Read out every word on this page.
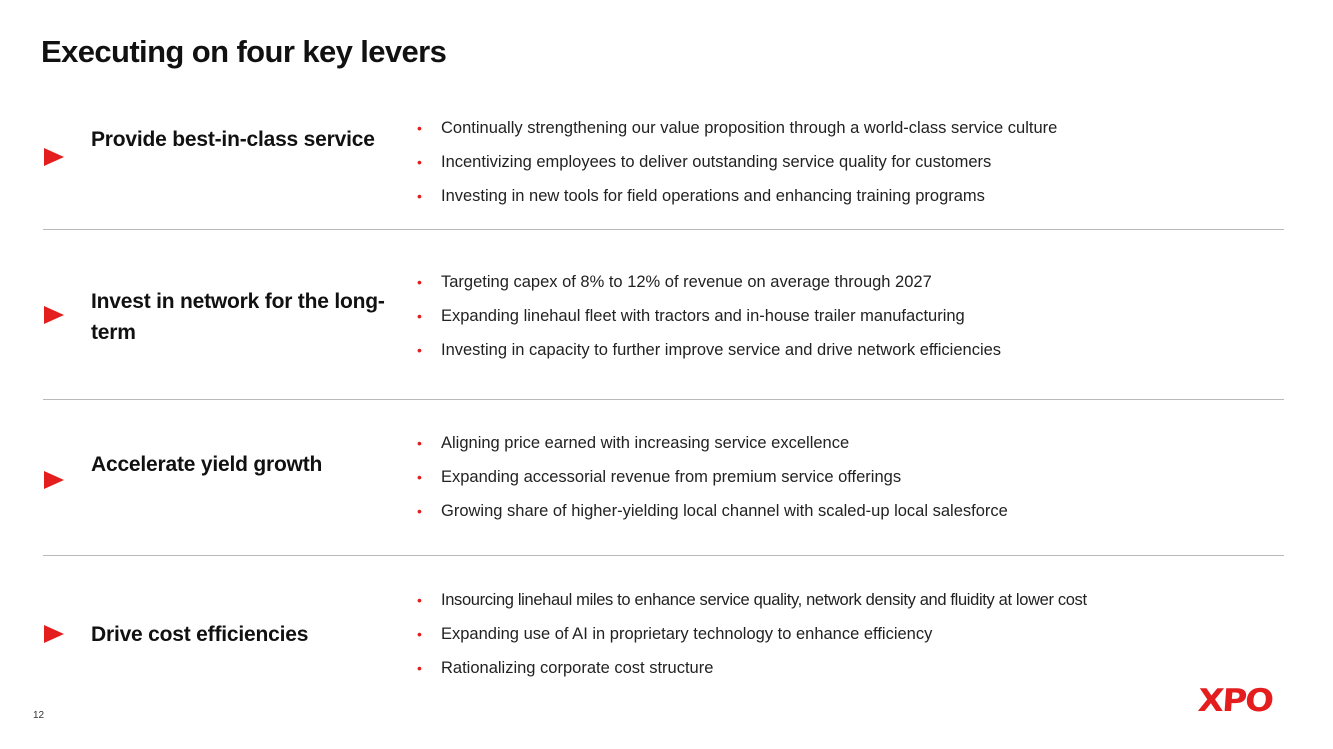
Executing on four key levers
Provide best-in-class service	• Continually strengthening our value proposition through a world-class service culture
• Incentivizing employees to deliver outstanding service quality for customers
• Investing in new tools for field operations and enhancing training programs
Invest in network for the long-term
• Targeting capex of 8% to 12% of revenue on average through 2027
• Expanding linehaul fleet with tractors and in-house trailer manufacturing
• Investing in capacity to further improve service and drive network efficiencies
Accelerate yield growth
• Aligning price earned with increasing service excellence
• Expanding accessorial revenue from premium service offerings
• Growing share of higher-yielding local channel with scaled-up local salesforce
Drive cost efficiencies
• Insourcing linehaul miles to enhance service quality, network density and fluidity at lower cost
• Expanding use of AI in proprietary technology to enhance efficiency
• Rationalizing corporate cost structure
12	XPO
